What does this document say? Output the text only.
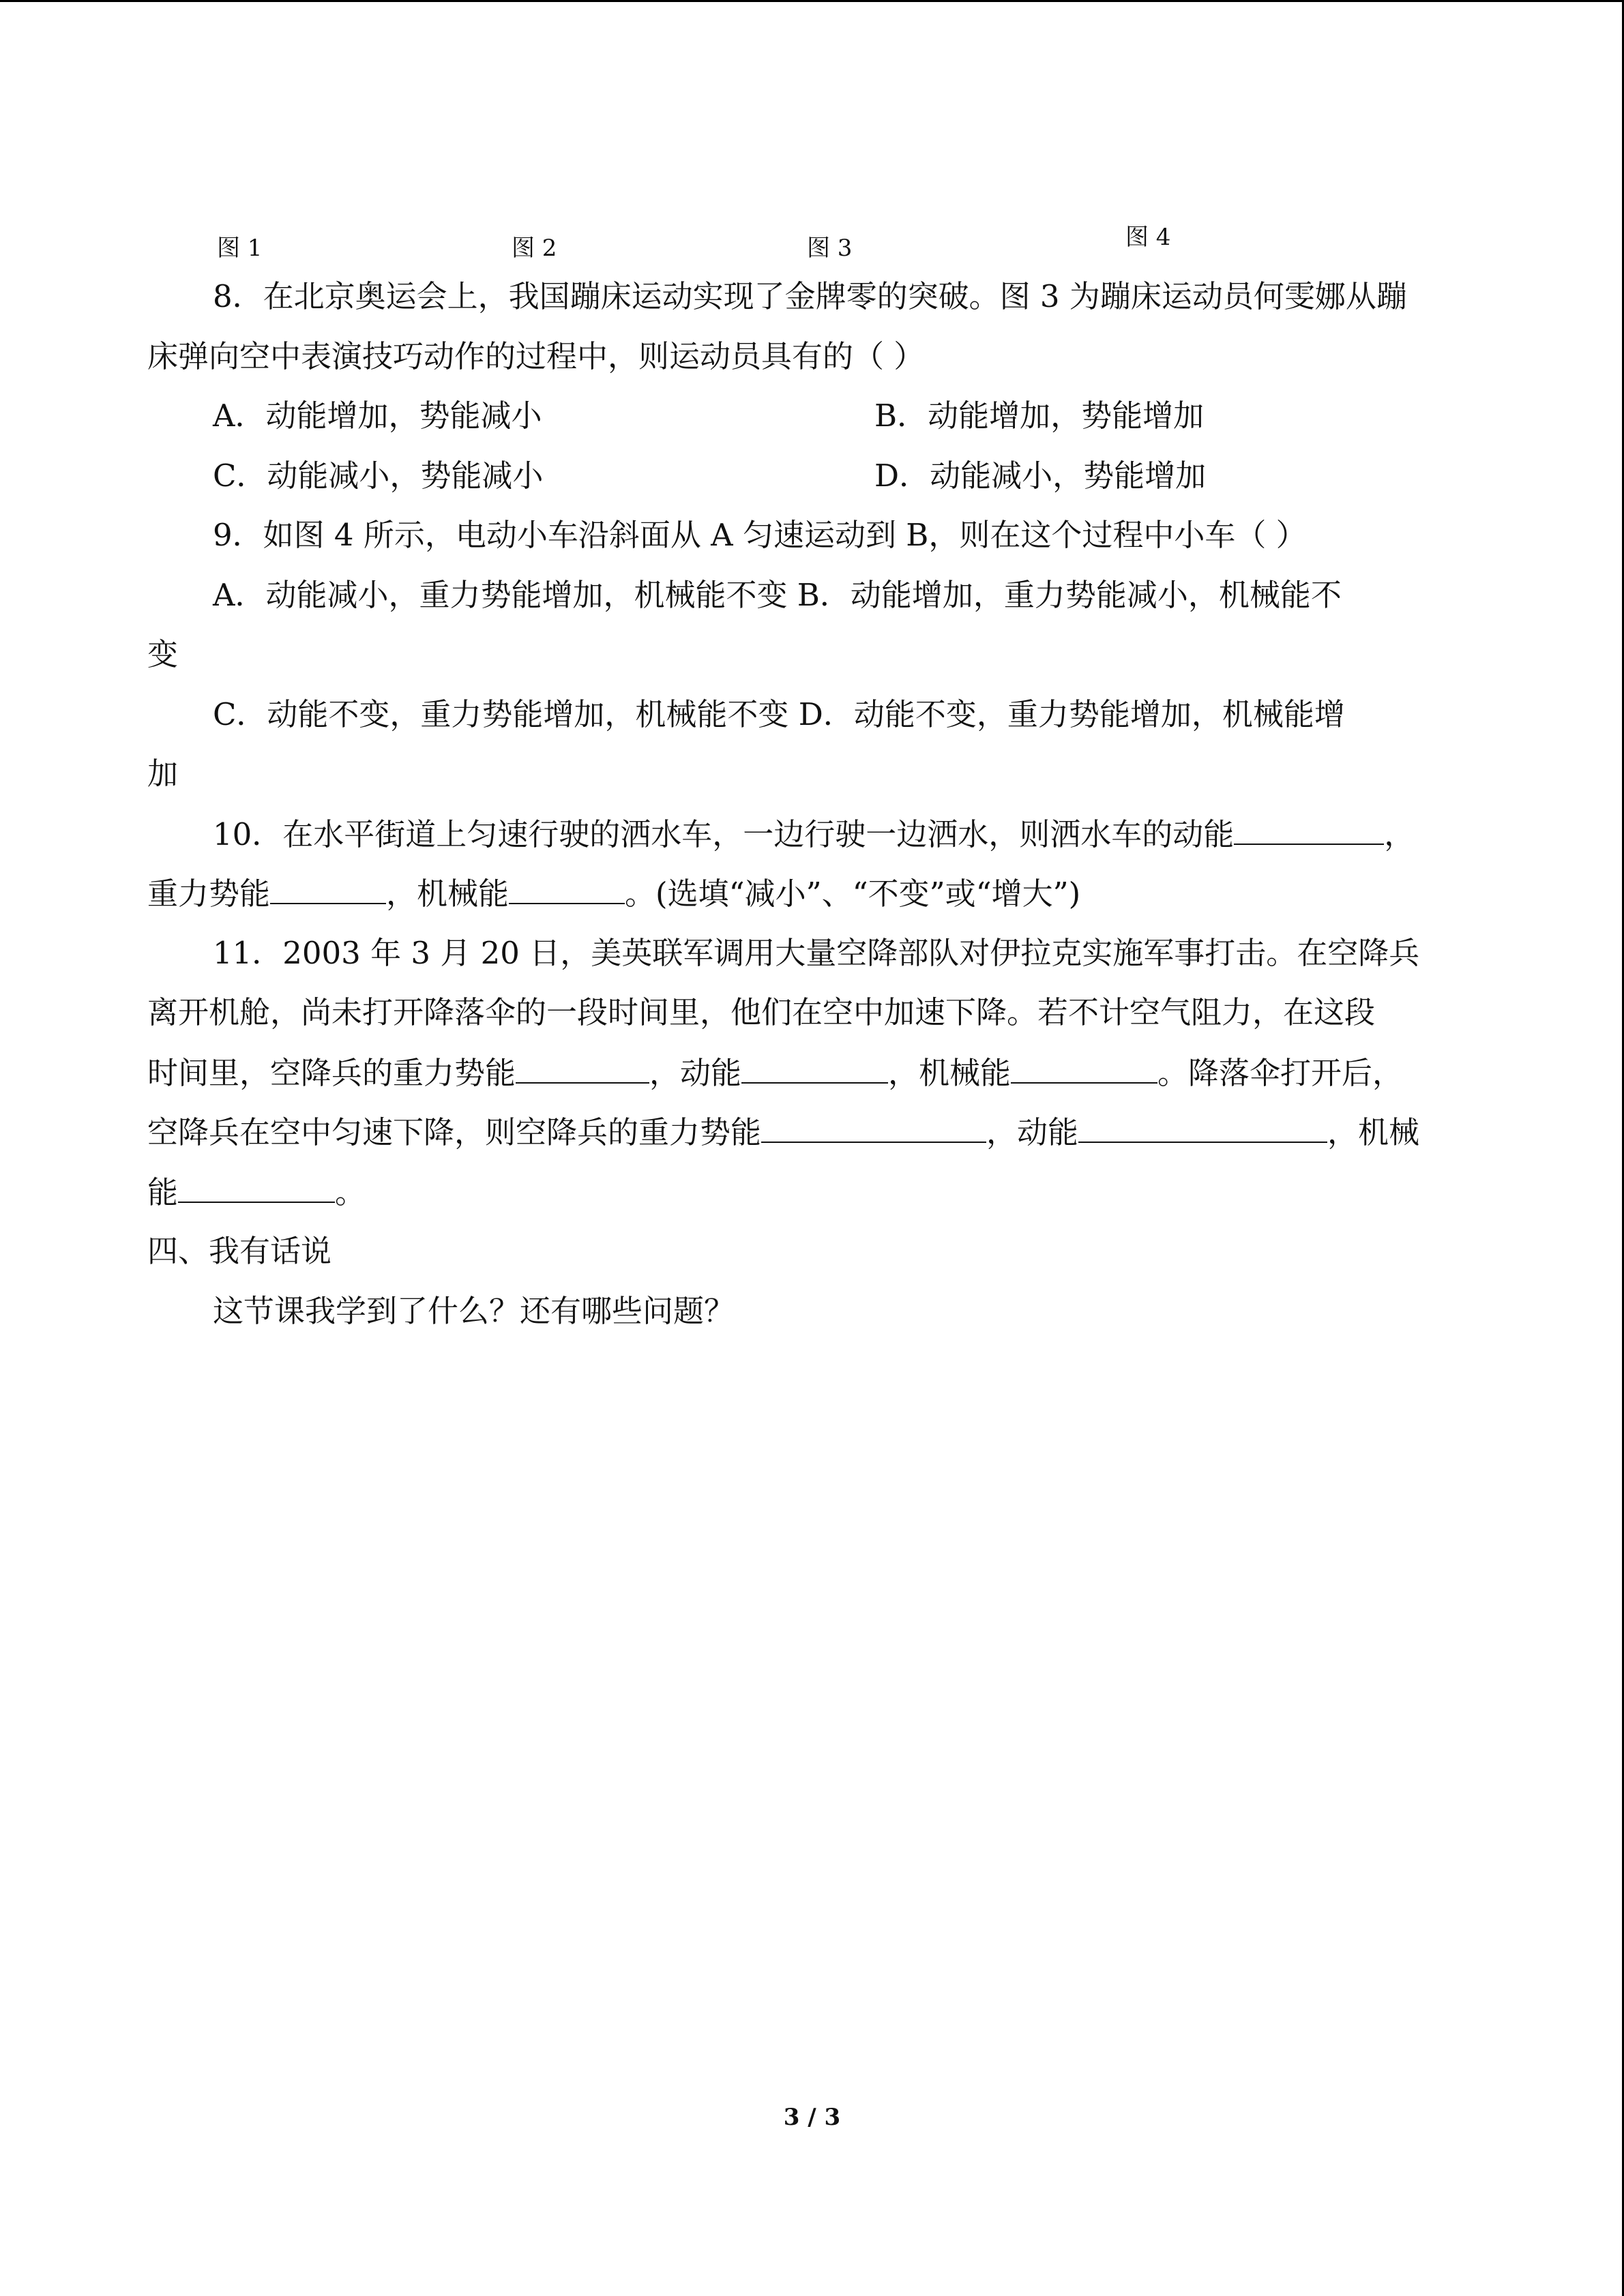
图 1	图 2	图 3	图 4
8．在北京奥运会上，我国蹦床运动实现了金牌零的突破。图 3 为蹦床运动员何雯娜从蹦
床弹向空中表演技巧动作的过程中，则运动员具有的（ ）
A．动能增加，势能减小	B．动能增加，势能增加
C．动能减小，势能减小	D．动能减小，势能增加
9．如图 4 所示，电动小车沿斜面从 A 匀速运动到 B，则在这个过程中小车（ ）
A．动能减小，重力势能增加，机械能不变 B．动能增加，重力势能减小，机械能不
变
C．动能不变，重力势能增加，机械能不变 D．动能不变，重力势能增加，机械能增
加
10．在水平街道上匀速行驶的洒水车，一边行驶一边洒水，则洒水车的动能	，
重力势能	，机械能	。(选填“减小”、“不变”或“增大”)
11．2003 年 3 月 20 日，美英联军调用大量空降部队对伊拉克实施军事打击。在空降兵
离开机舱，尚未打开降落伞的一段时间里，他们在空中加速下降。若不计空气阻力，在这段
时间里，空降兵的重力势能	，动能	，机械能	。降落伞打开后，
空降兵在空中匀速下降，则空降兵的重力势能	，动能	，机械
能	。
四、我有话说
这节课我学到了什么？还有哪些问题？
3 / 3
